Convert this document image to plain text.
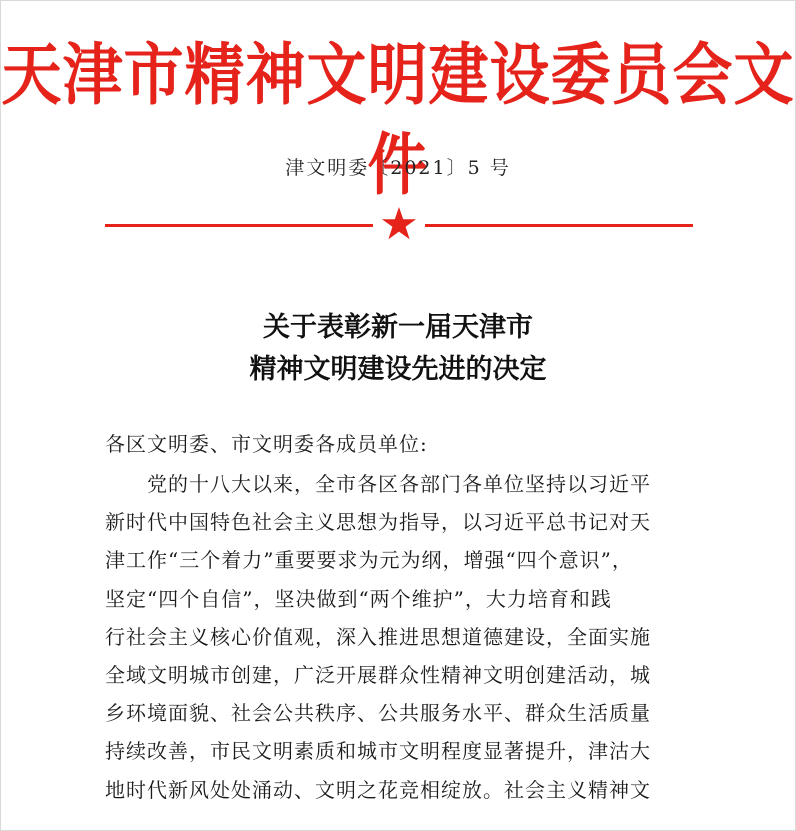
天津市精神文明建设委员会文件
津文明委〔2021〕5 号
关于表彰新一届天津市
精神文明建设先进的决定
各区文明委、市文明委各成员单位:
党的十八大以来，全市各区各部门各单位坚持以习近平
新时代中国特色社会主义思想为指导，以习近平总书记对天
津工作“三个着力”重要要求为元为纲，增强“四个意识”，
坚定“四个自信”，坚决做到“两个维护”，大力培育和践
行社会主义核心价值观，深入推进思想道德建设，全面实施
全域文明城市创建，广泛开展群众性精神文明创建活动，城
乡环境面貌、社会公共秩序、公共服务水平、群众生活质量
持续改善，市民文明素质和城市文明程度显著提升，津沽大
地时代新风处处涌动、文明之花竞相绽放。社会主义精神文
